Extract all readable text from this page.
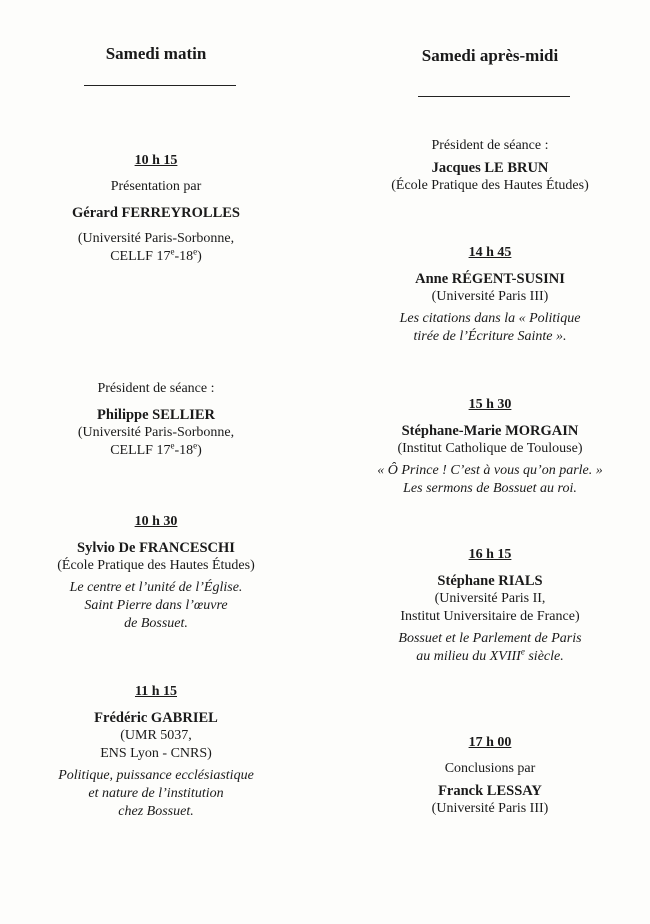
Samedi matin
10 h 15
Présentation par
Gérard FERREYROLLES
(Université Paris-Sorbonne,
CELLF 17e-18e)
Président de séance :
Philippe SELLIER
(Université Paris-Sorbonne,
CELLF 17e-18e)
10 h 30
Sylvio De FRANCESCHI
(École Pratique des Hautes Études)
Le centre et l’unité de l’Église.
Saint Pierre dans l’œuvre
de Bossuet.
11 h 15
Frédéric GABRIEL
(UMR 5037,
ENS Lyon - CNRS)
Politique, puissance ecclésiastique
et nature de l’institution
chez Bossuet.
Samedi après-midi
Président de séance :
Jacques LE BRUN
(École Pratique des Hautes Études)
14 h 45
Anne RÉGENT-SUSINI
(Université Paris III)
Les citations dans la « Politique
tirée de l’Écriture Sainte ».
15 h 30
Stéphane-Marie MORGAIN
(Institut Catholique de Toulouse)
« Ô Prince ! C’est à vous qu’on parle. »
Les sermons de Bossuet au roi.
16 h 15
Stéphane RIALS
(Université Paris II,
Institut Universitaire de France)
Bossuet et le Parlement de Paris
au milieu du XVIIIe siècle.
17 h 00
Conclusions par
Franck LESSAY
(Université Paris III)
